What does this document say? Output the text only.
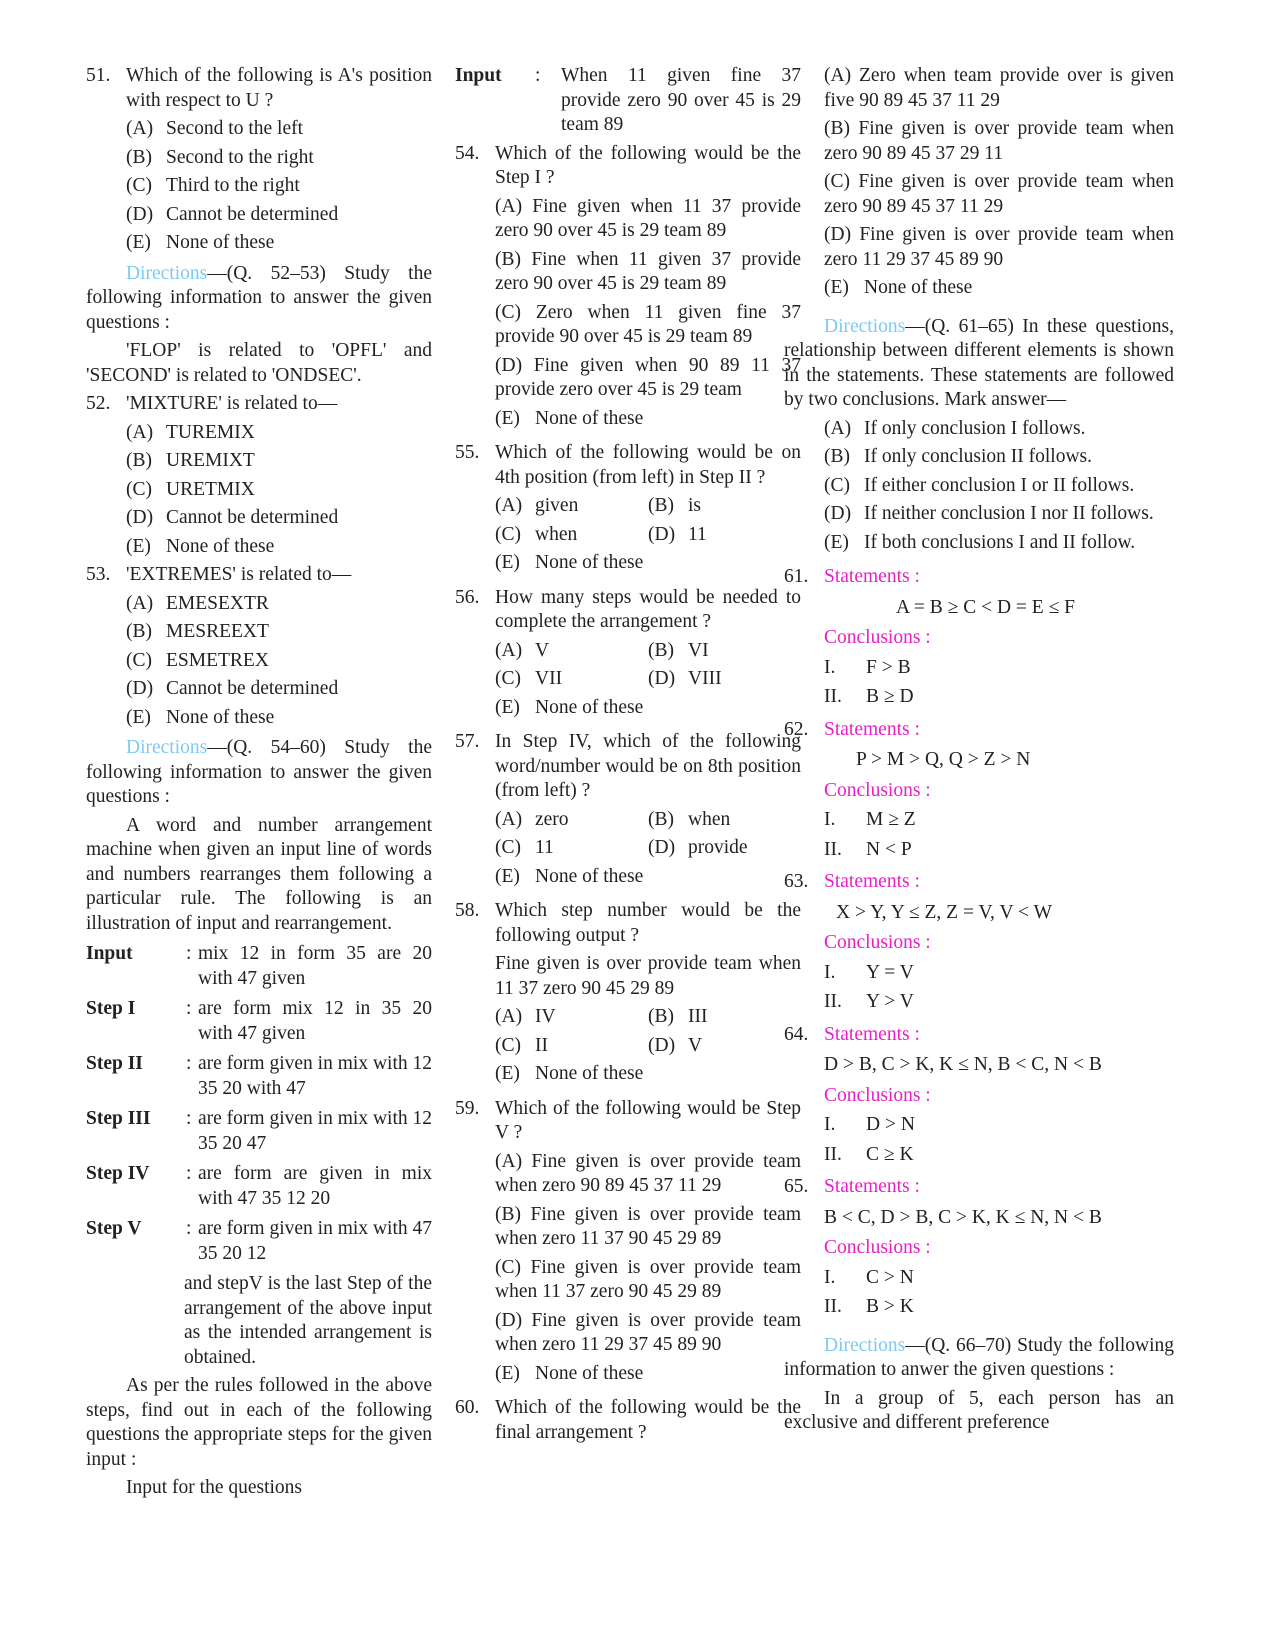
51. Which of the following is A's position with respect to U ?
(A) Second to the left
(B) Second to the right
(C) Third to the right
(D) Cannot be determined
(E) None of these
Directions—(Q. 52–53) Study the following information to answer the given questions :
'FLOP' is related to 'OPFL' and 'SECOND' is related to 'ONDSEC'.
52. 'MIXTURE' is related to—
(A) TUREMIX
(B) UREMIXT
(C) URETMIX
(D) Cannot be determined
(E) None of these
53. 'EXTREMES' is related to—
(A) EMESEXTR
(B) MESREEXT
(C) ESMETREX
(D) Cannot be determined
(E) None of these
Directions—(Q. 54–60) Study the following information to answer the given questions :
A word and number arrangement machine when given an input line of words and numbers rearranges them following a particular rule. The following is an illustration of input and rearrangement.
Input	: mix 12 in form 35 are 20 with 47 given
Step I	: are form mix 12 in 35 20 with 47 given
Step II	: are form given in mix with 12 35 20 with 47
Step III	: are form given in mix with 12 35 20 47
Step IV	: are form are given in mix with 47 35 12 20
Step V	: are form given in mix with 47 35 20 12
and stepV is the last Step of the arrangement of the above input as the intended arrangement is obtained.
As per the rules followed in the above steps, find out in each of the following questions the appropriate steps for the given input :
Input for the questions
Input	:	When 11 given fine 37 provide zero 90 over 45 is 29 team 89
54. Which of the following would be the Step I ?
(A) Fine given when 11 37 provide zero 90 over 45 is 29 team 89
(B) Fine when 11 given 37 provide zero 90 over 45 is 29 team 89
(C) Zero when 11 given fine 37 provide 90 over 45 is 29 team 89
(D) Fine given when 90 89 11 37 provide zero over 45 is 29 team
(E) None of these
55. Which of the following would be on 4th position (from left) in Step II ?
(A) given	(B) is
(C) when	(D) 11
(E) None of these
56. How many steps would be needed to complete the arrangement ?
(A) V	(B) VI
(C) VII	(D) VIII
(E) None of these
57. In Step IV, which of the following word/number would be on 8th position (from left) ?
(A) zero	(B) when
(C) 11	(D) provide
(E) None of these
58. Which step number would be the following output ?
Fine given is over provide team when 11 37 zero 90 45 29 89
(A) IV	(B) III
(C) II	(D) V
(E) None of these
59. Which of the following would be Step V ?
(A) Fine given is over provide team when zero 90 89 45 37 11 29
(B) Fine given is over provide team when zero 11 37 90 45 29 89
(C) Fine given is over provide team when 11 37 zero 90 45 29 89
(D) Fine given is over provide team when zero 11 29 37 45 89 90
(E) None of these
60. Which of the following would be the final arrangement ?
(A) Zero when team provide over is given five 90 89 45 37 11 29
(B) Fine given is over provide team when zero 90 89 45 37 29 11
(C) Fine given is over provide team when zero 90 89 45 37 11 29
(D) Fine given is over provide team when zero 11 29 37 45 89 90
(E) None of these
Directions—(Q. 61–65) In these questions, relationship between different elements is shown in the statements. These statements are followed by two conclusions. Mark answer—
(A) If only conclusion I follows.
(B) If only conclusion II follows.
(C) If either conclusion I or II follows.
(D) If neither conclusion I nor II follows.
(E) If both conclusions I and II follow.
61. Statements :
A = B ≥ C < D = E ≤ F
Conclusions :
I.	F > B
II.	B ≥ D
62. Statements :
P > M > Q, Q > Z > N
Conclusions :
I.	M ≥ Z
II.	N < P
63. Statements :
X > Y, Y ≤ Z, Z = V, V < W
Conclusions :
I.	Y = V
II.	Y > V
64. Statements :
D > B, C > K, K ≤ N, B < C, N < B
Conclusions :
I.	D > N
II.	C ≥ K
65. Statements :
B < C, D > B, C > K, K ≤ N, N < B
Conclusions :
I.	C > N
II.	B > K
Directions—(Q. 66–70) Study the following information to anwer the given questions :
In a group of 5, each person has an exclusive and different preference
